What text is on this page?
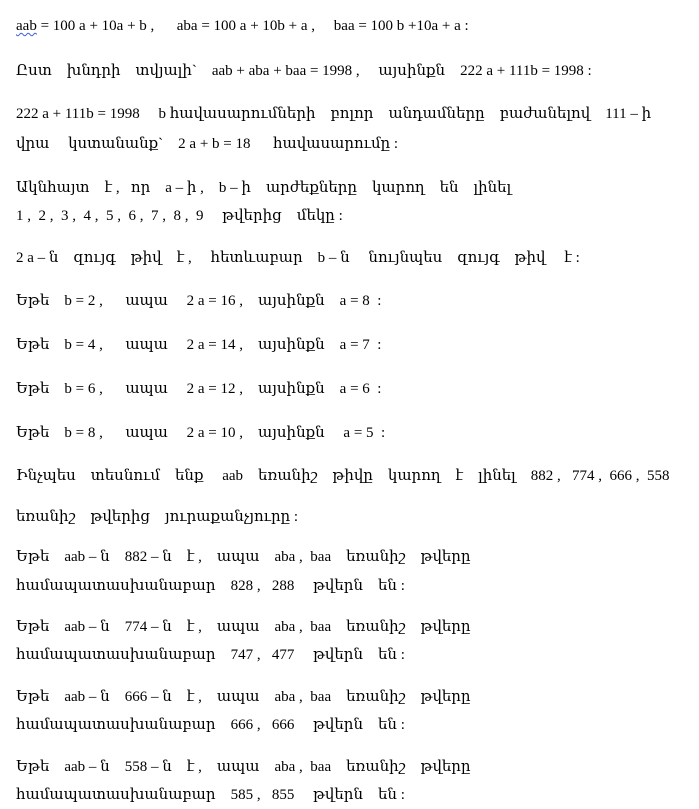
aab = 100 a + 10a + b ,      aba = 100 a + 10b + a ,     baa = 100 b +10a + a :
Ըստ    խնդրի    տվյալի`    aab + aba + baa = 1998 ,     այսինքն    222 a + 111b = 1998 :
222 a + 111b = 1998     b հավասարումների    բոլոր    անդամները    բաժանելով    111 – ի
վրա     կստանանք`    2 a + b = 18      հավասարումը :
Ակնհայտ    է ,   որ    a – ի ,    b – ի    արժեքները    կարող    են    լինել
1 ,  2 ,  3 ,  4 ,  5 ,  6 ,  7 ,  8 ,  9     թվերից    մեկը :
2 a – ն    զույգ    թիվ    է ,     հետևաբար    b – ն     նույնպես    զույգ    թիվ     է :
Եթե    b = 2 ,      ապա     2 a = 16 ,    այսինքն    a = 8  :
Եթե    b = 4 ,      ապա     2 a = 14 ,    այսինքն    a = 7  :
Եթե    b = 6 ,      ապա     2 a = 12 ,    այսինքն    a = 6  :
Եթե    b = 8 ,      ապա     2 a = 10 ,    այսինքն     a = 5  :
Ինչպես    տեսնում    ենք     aab    եռանիշ    թիվը    կարող    է    լինել    882 ,   774 ,  666 ,  558
եռանիշ    թվերից    յուրաքանչյուրը :
Եթե    aab – ն    882 – ն    է ,    ապա    aba ,  baa    եռանիշ    թվերը
համապատասխանաբար    828 ,   288     թվերն    են :
Եթե    aab – ն    774 – ն    է ,    ապա    aba ,  baa    եռանիշ    թվերը
համապատասխանաբար    747 ,   477     թվերն    են :
Եթե    aab – ն    666 – ն    է ,    ապա    aba ,  baa    եռանիշ    թվերը
համապատասխանաբար    666 ,   666     թվերն    են :
Եթե    aab – ն    558 – ն    է ,    ապա    aba ,  baa    եռանիշ    թվերը
համապատասխանաբար    585 ,   855     թվերն    են :
